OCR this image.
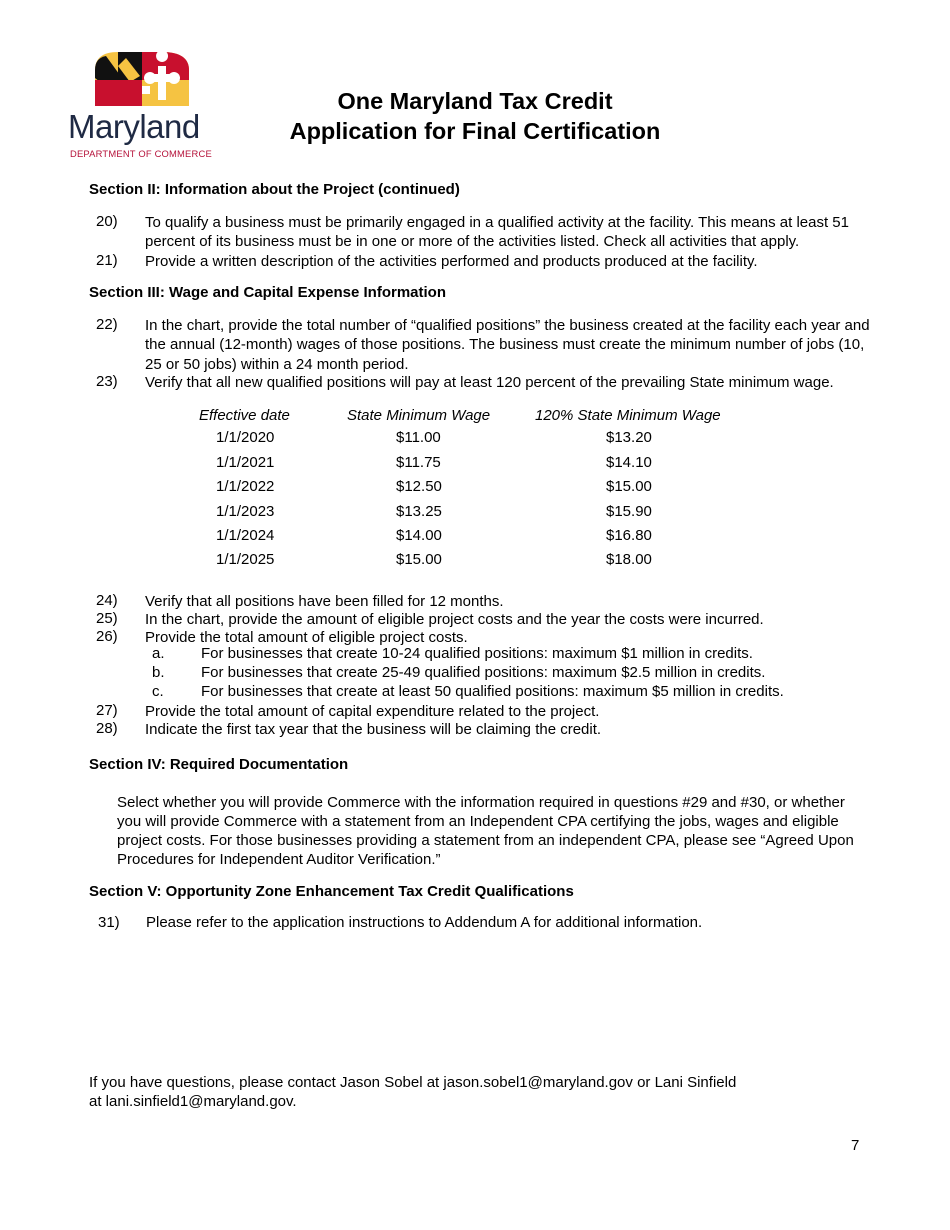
Maryland
DEPARTMENT OF COMMERCE
One Maryland Tax Credit
Application for Final Certification
Section II: Information about the Project (continued)
20) To qualify a business must be primarily engaged in a qualified activity at the facility. This means at least 51 percent of its business must be in one or more of the activities listed. Check all activities that apply.
21) Provide a written description of the activities performed and products produced at the facility.
Section III: Wage and Capital Expense Information
22) In the chart, provide the total number of “qualified positions” the business created at the facility each year and the annual (12-month) wages of those positions. The business must create the minimum number of jobs (10, 25 or 50 jobs) within a 24 month period.
23) Verify that all new qualified positions will pay at least 120 percent of the prevailing State minimum wage.
Effective date	State Minimum Wage	120% State Minimum Wage
1/1/2020	$11.00	$13.20
1/1/2021	$11.75	$14.10
1/1/2022	$12.50	$15.00
1/1/2023	$13.25	$15.90
1/1/2024	$14.00	$16.80
1/1/2025	$15.00	$18.00
24) Verify that all positions have been filled for 12 months.
25) In the chart, provide the amount of eligible project costs and the year the costs were incurred.
26) Provide the total amount of eligible project costs.
a. For businesses that create 10-24 qualified positions: maximum $1 million in credits.
b. For businesses that create 25-49 qualified positions: maximum $2.5 million in credits.
c. For businesses that create at least 50 qualified positions: maximum $5 million in credits.
27) Provide the total amount of capital expenditure related to the project.
28) Indicate the first tax year that the business will be claiming the credit.
Section IV: Required Documentation
Select whether you will provide Commerce with the information required in questions #29 and #30, or whether you will provide Commerce with a statement from an Independent CPA certifying the jobs, wages and eligible project costs. For those businesses providing a statement from an independent CPA, please see “Agreed Upon Procedures for Independent Auditor Verification.”
Section V: Opportunity Zone Enhancement Tax Credit Qualifications
31) Please refer to the application instructions to Addendum A for additional information.
If you have questions, please contact Jason Sobel at jason.sobel1@maryland.gov or Lani Sinfield
at lani.sinfield1@maryland.gov.
7
